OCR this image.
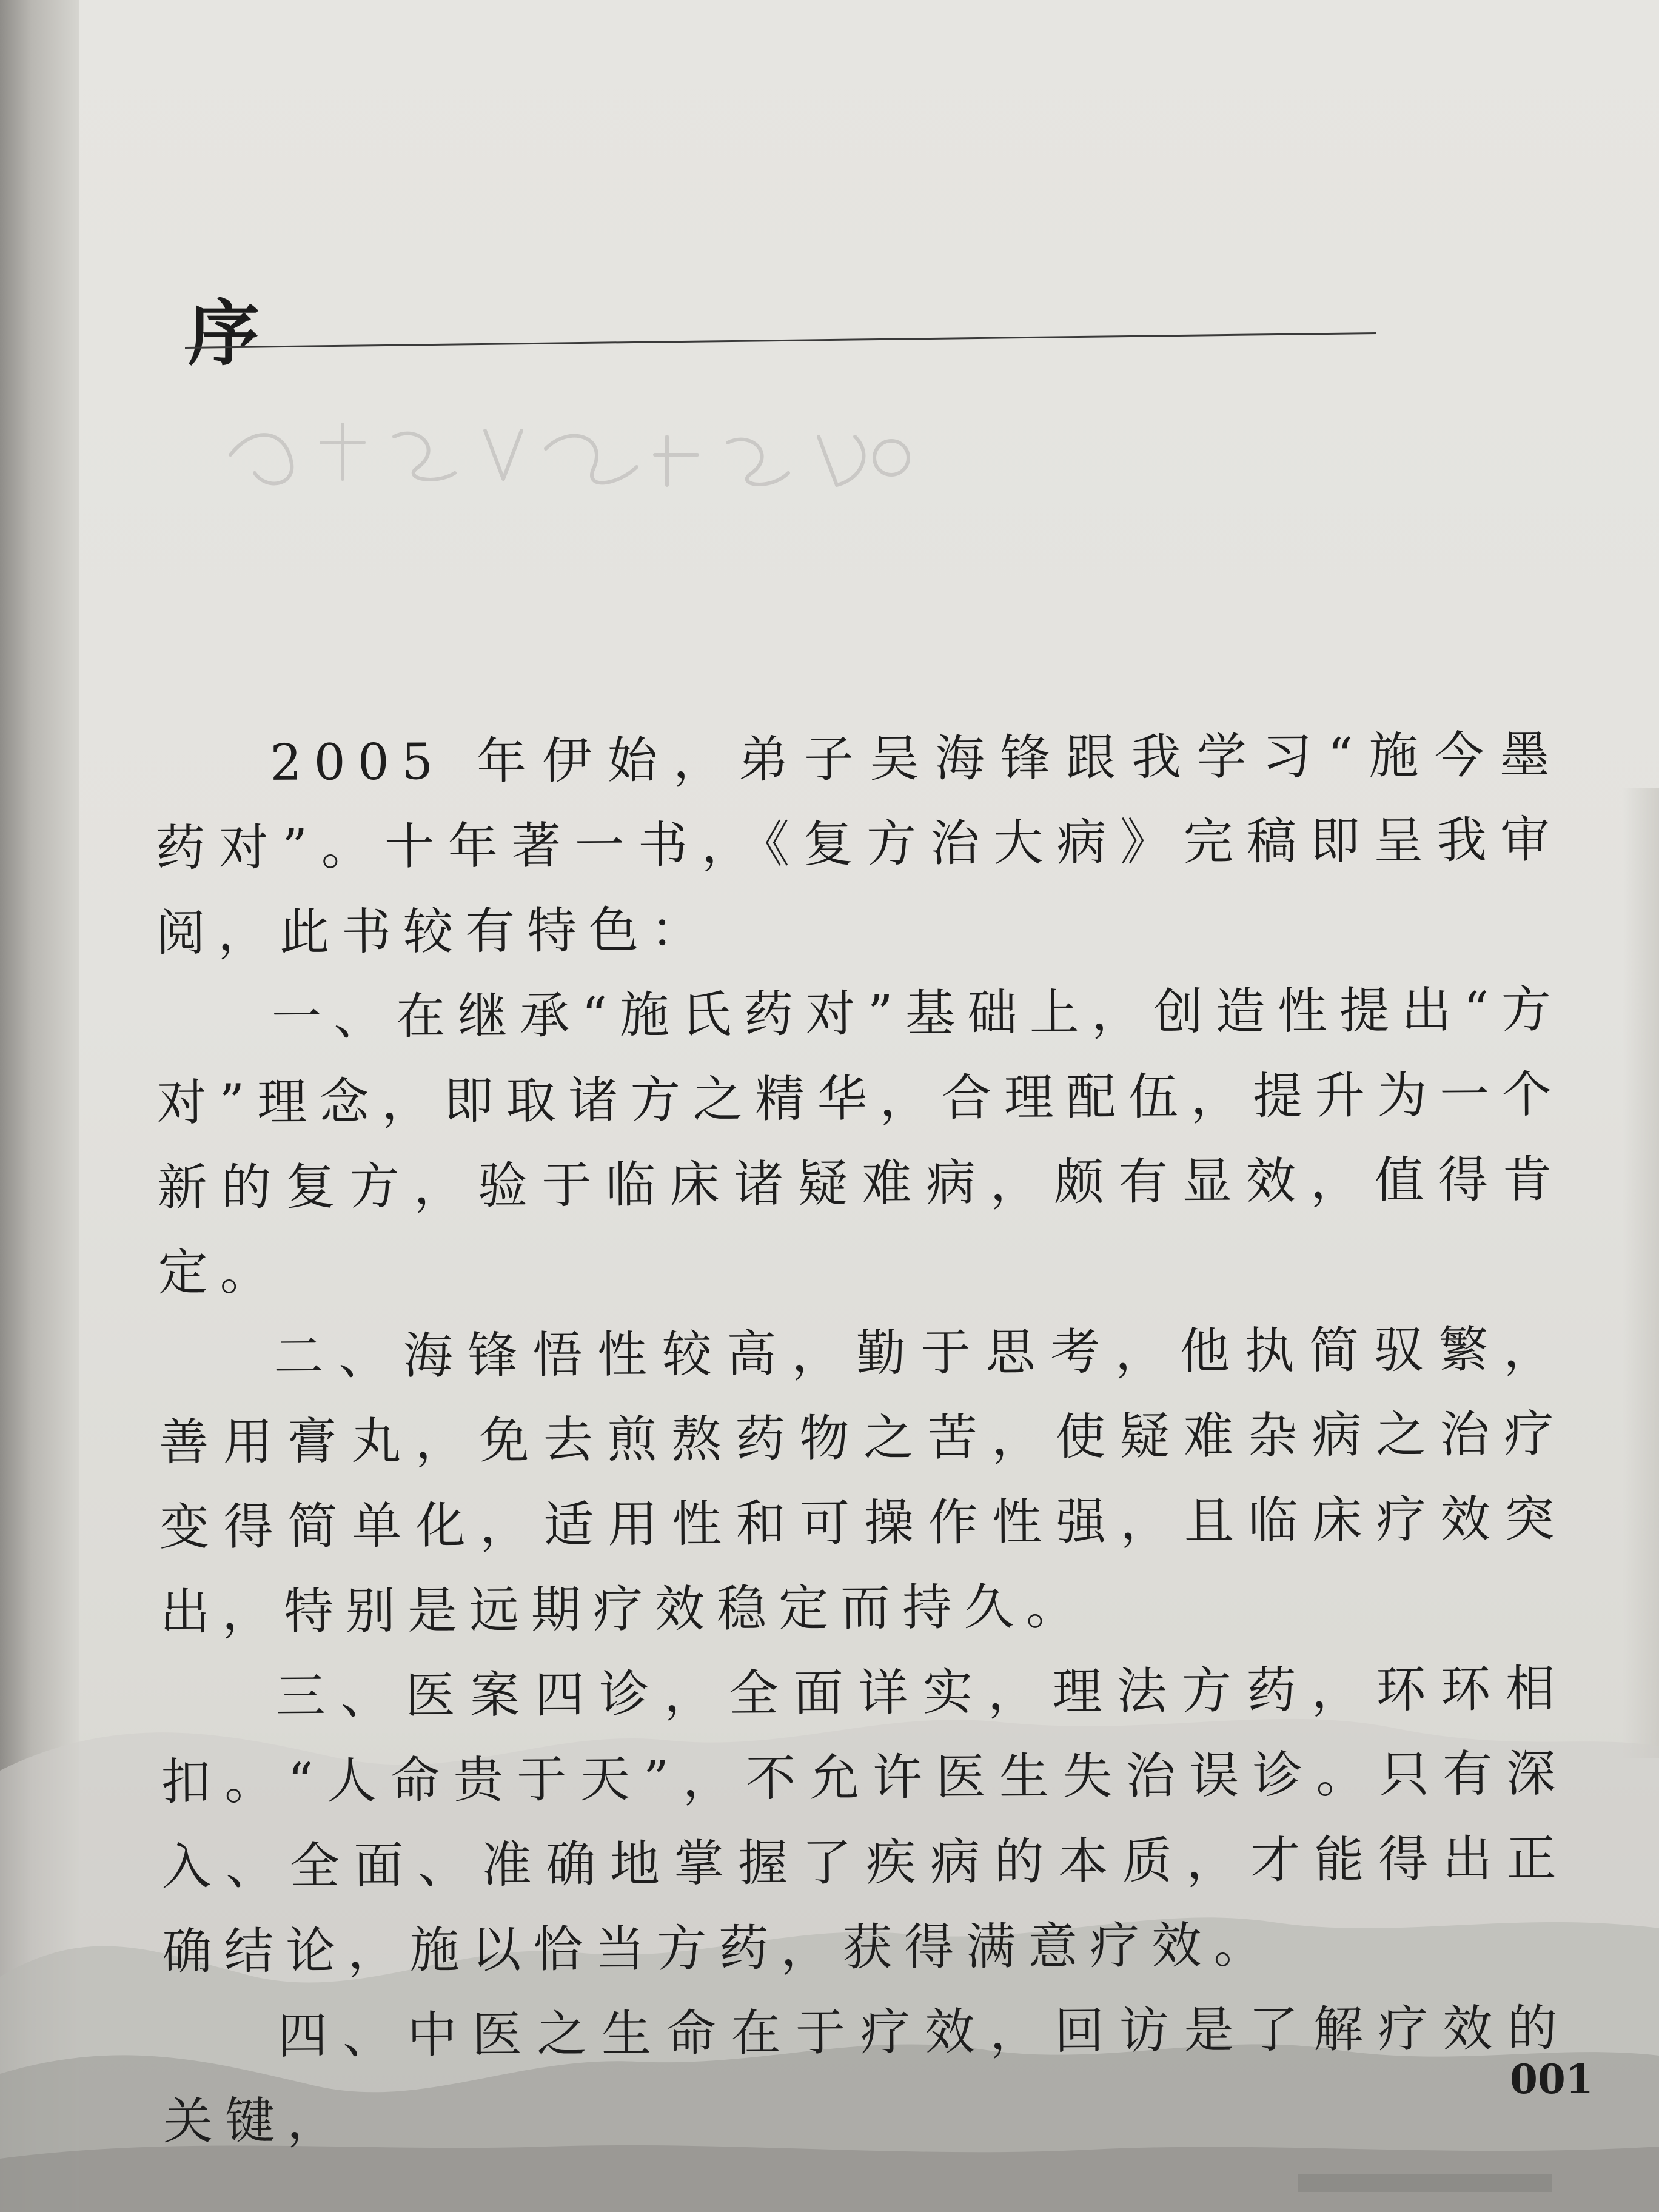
序

2005 年伊始，弟子吴海锋跟我学习“施今墨药对”。十年著一书，《复方治大病》完稿即呈我审阅，此书较有特色：

一、在继承“施氏药对”基础上，创造性提出“方对”理念，即取诸方之精华，合理配伍，提升为一个新的复方，验于临床诸疑难病，颇有显效，值得肯定。

二、海锋悟性较高，勤于思考，他执简驭繁，善用膏丸，免去煎熬药物之苦，使疑难杂病之治疗变得简单化，适用性和可操作性强，且临床疗效突出，特别是远期疗效稳定而持久。

三、医案四诊，全面详实，理法方药，环环相扣。“人命贵于天”，不允许医生失治误诊。只有深入、全面、准确地掌握了疾病的本质，才能得出正确结论，施以恰当方药，获得满意疗效。

四、中医之生命在于疗效，回访是了解疗效的关键，

001
